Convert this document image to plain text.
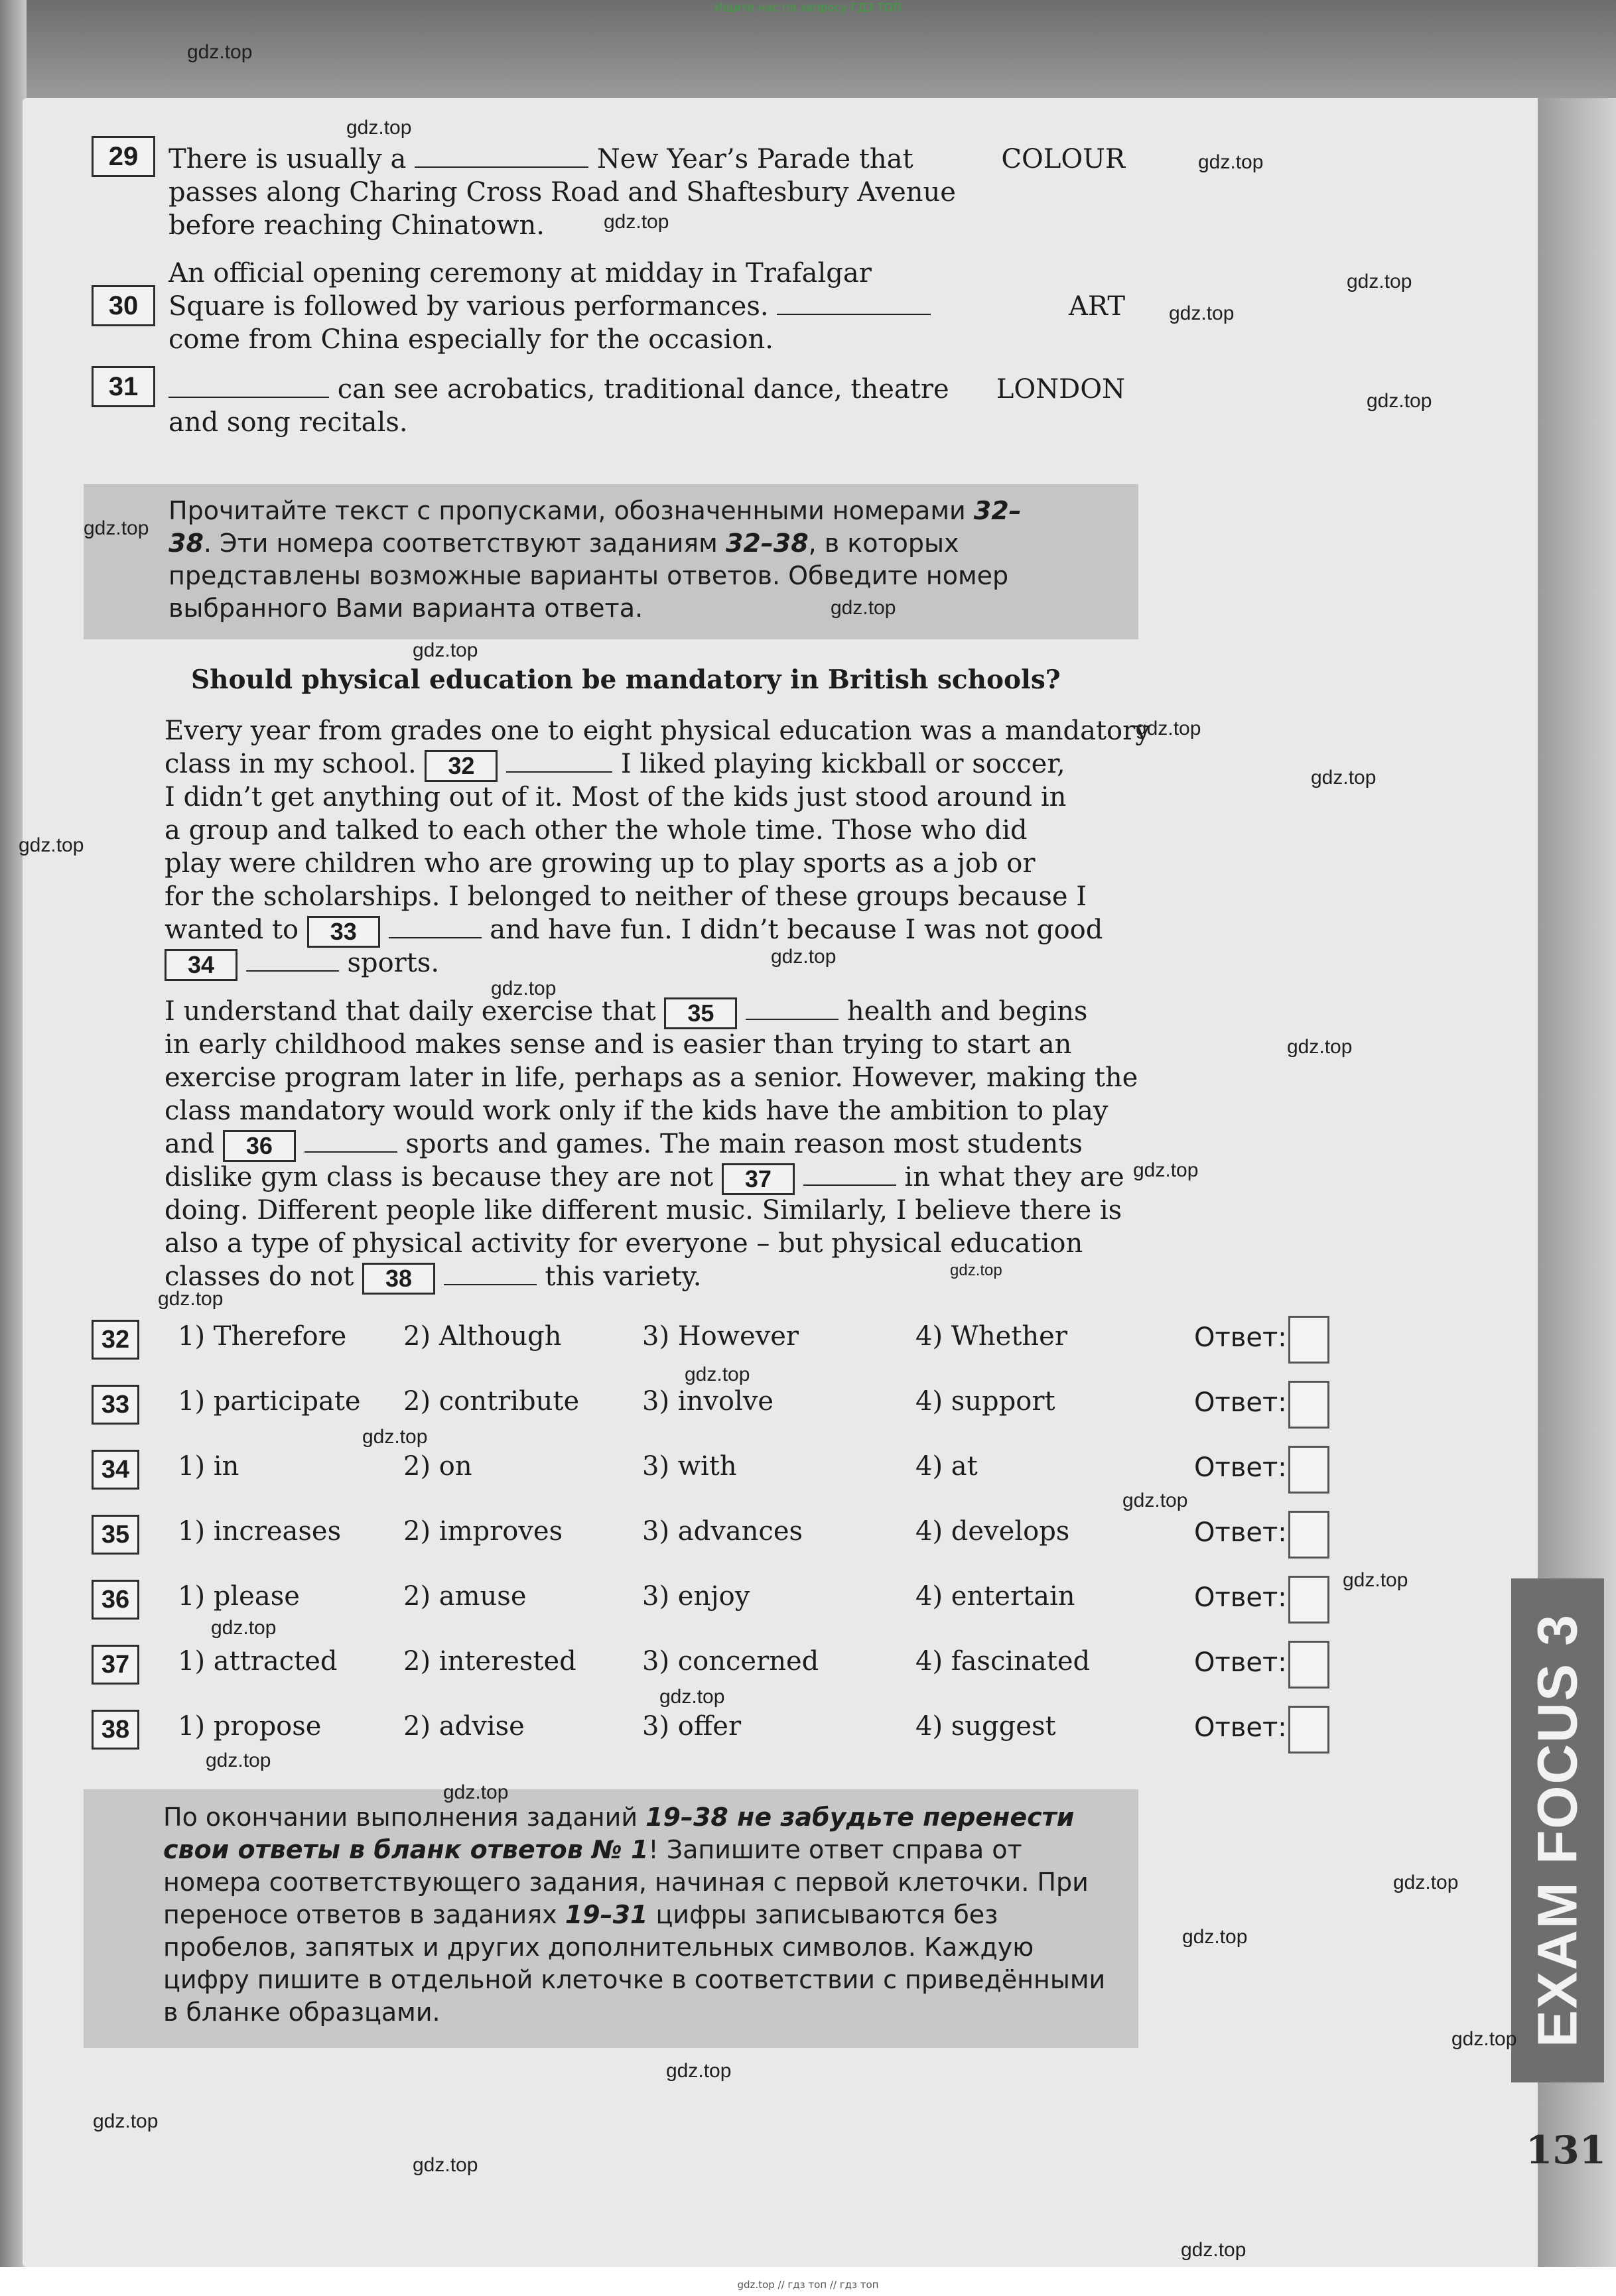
Ищите нас по запросу ГДЗ ТОП
gdz.top // гдз топ // гдз топ
29	There is usually a	New Year’s Parade that
passes along Charing Cross Road and Shaftesbury Avenue
before reaching Chinatown.
COLOUR
An official opening ceremony at midday in Trafalgar
30	Square is followed by various performances.
come from China especially for the occasion.
ART
31	can see acrobatics, traditional dance, theatre
and song recitals.
LONDON

Прочитайте текст с пропусками, обозначенными номерами 32–38. Эти номера соответствуют заданиям 32–38, в которых представлены возможные варианты ответов. Обведите номер выбранного Вами варианта ответа.

Should physical education be mandatory in British schools?
Every year from grades one to eight physical education was a mandatory
class in my school. 32	I liked playing kickball or soccer,
I didn’t get anything out of it. Most of the kids just stood around in
a group and talked to each other the whole time. Those who did
play were children who are growing up to play sports as a job or
for the scholarships. I belonged to neither of these groups because I
wanted to 33	and have fun. I didn’t because I was not good
34	sports.
I understand that daily exercise that 35	health and begins
in early childhood makes sense and is easier than trying to start an
exercise program later in life, perhaps as a senior. However, making the
class mandatory would work only if the kids have the ambition to play
and 36	sports and games. The main reason most students
dislike gym class is because they are not 37	in what they are
doing. Different people like different music. Similarly, I believe there is
also a type of physical activity for everyone – but physical education
classes do not 38	this variety.
32	1) Therefore 2) Although	3) However	4) Whether	Ответ:
33	1) participate 2) contribute 3) involve	4) support	Ответ:
34	1) in	2) on	3) with	4) at	Ответ:
35	1) increases 2) improves	3) advances	4) develops	Ответ:
36	1) please	2) amuse	3) enjoy	4) entertain	Ответ:
37	1) attracted 2) interested 3) concerned	4) fascinated	Ответ:
38	1) propose	2) advise	3) offer	4) suggest	Ответ:

По окончании выполнения заданий 19–38 не забудьте перенести свои ответы в бланк ответов № 1! Запишите ответ справа от номера соответствующего задания, начиная с первой клеточки. При переносе ответов в заданиях 19–31 цифры записываются без пробелов, запятых и других дополнительных символов. Каждую цифру пишите в отдельной клеточке в соответствии с приведёнными в бланке образцами.	EXAM FOCUS 3
131
gdz.top
gdz.top
gdz.top
gdz.top
gdz.top
gdz.top
gdz.top
gdz.top
gdz.top
gdz.top
gdz.top
gdz.top
gdz.top
gdz.top
gdz.top
gdz.top
gdz.top
gdz.top
gdz.top
gdz.top
gdz.top
gdz.top
gdz.top
gdz.top
gdz.top
gdz.top
gdz.top
gdz.top
gdz.top
gdz.top
gdz.top
gdz.top
gdz.top
gdz.top
